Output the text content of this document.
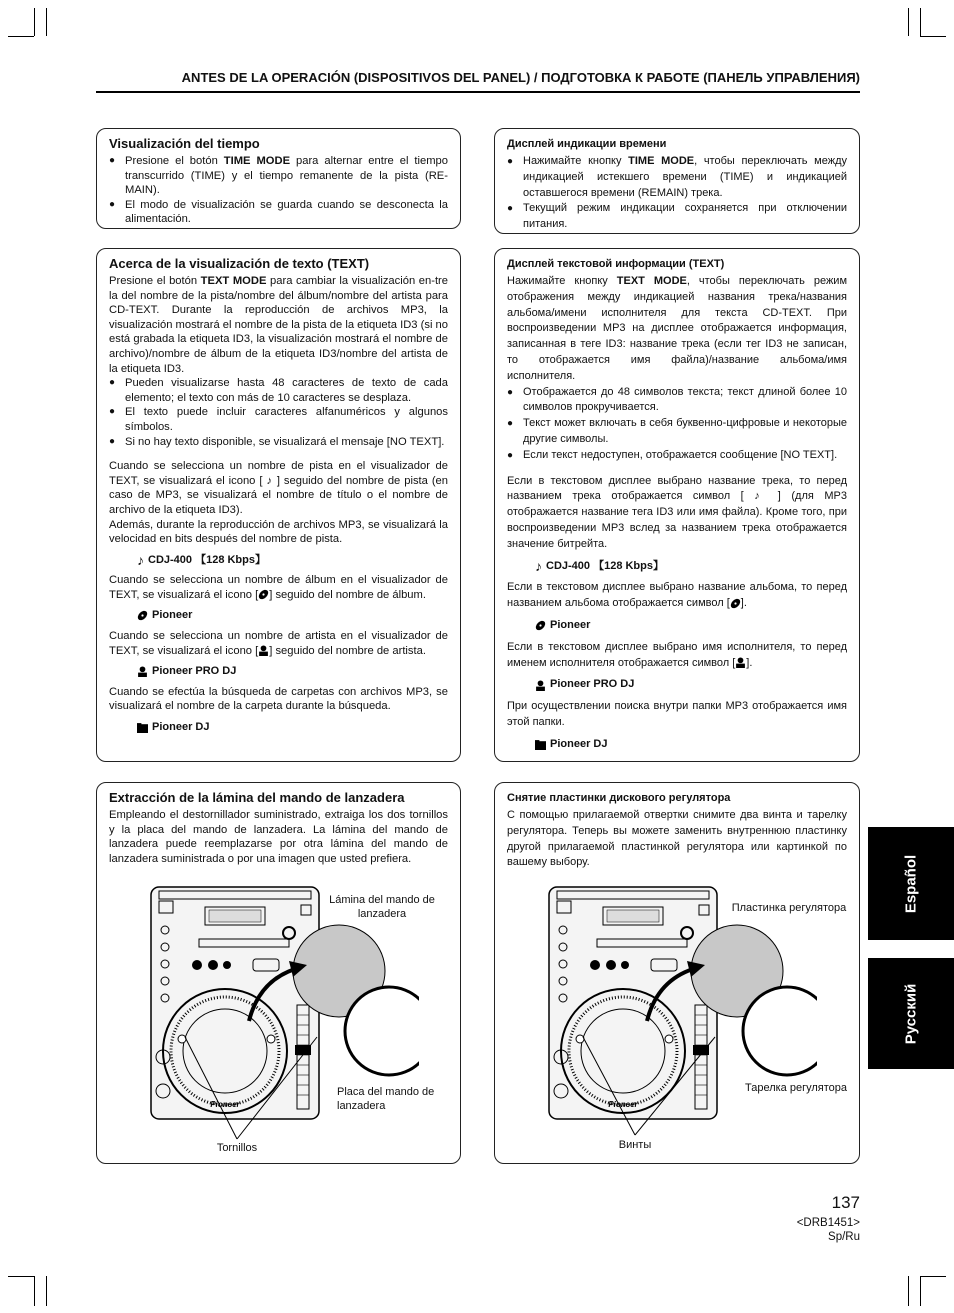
ANTES DE LA OPERACIÓN (DISPOSITIVOS DEL PANEL) / ПОДГОТОВКА К РАБОТЕ (ПАНЕЛЬ УПРАВЛЕНИЯ)
Visualización del tiempo
● Presione el botón TIME MODE para alternar entre el tiempo transcurrido (TIME) y el tiempo remanente de la pista (RE-MAIN).
● El modo de visualización se guarda cuando se desconecta la alimentación.
Дисплей индикации времени
● Нажимайте кнопку TIME MODE, чтобы переключать между индикацией истекшего времени (TIME) и индикацией оставшегося времени (REMAIN) трека.
● Текущий режим индикации сохраняется при отключении питания.
Acerca de la visualización de texto (TEXT)

Presione el botón TEXT MODE para cambiar la visualización en-tre la del nombre de la pista/nombre del álbum/nombre del artista para CD-TEXT. Durante la reproducción de archivos MP3, la visualización mostrará el nombre de la pista de la etiqueta ID3 (si no está grabada la etiqueta ID3, la visualización mostrará el nombre de archivo)/nombre de álbum de la etiqueta ID3/nombre del artista de la etiqueta ID3.

● Pueden visualizarse hasta 48 caracteres de texto de cada elemento; el texto con más de 10 caracteres se desplaza.
● El texto puede incluir caracteres alfanuméricos y algunos símbolos.
● Si no hay texto disponible, se visualizará el mensaje [NO TEXT].

Cuando se selecciona un nombre de pista en el visualizador de TEXT, se visualizará el icono [ ♪ ] seguido del nombre de pista (en caso de MP3, se visualizará el nombre de título o el nombre de archivo de la etiqueta ID3).

Además, durante la reproducción de archivos MP3, se visualizará la velocidad en bits después del nombre de pista.

♪ CDJ-400 【128 Kbps】

Cuando se selecciona un nombre de álbum en el visualizador de TEXT, se visualizará el icono [ ] seguido del nombre de álbum.

Pioneer

Cuando se selecciona un nombre de artista en el visualizador de TEXT, se visualizará el icono [ ] seguido del nombre de artista.

Pioneer PRO DJ

Cuando se efectúa la búsqueda de carpetas con archivos MP3, se visualizará el nombre de la carpeta durante la búsqueda.

Pioneer DJ
Дисплей текстовой информации (TEXT)

Нажимайте кнопку TEXT MODE, чтобы переключать режим отображения между индикацией названия трека/названия альбома/имени исполнителя для текста CD-TEXT. При воспроизведении MP3 на дисплее отображается информация, записанная в теге ID3: название трека (если тег ID3 не записан, то отображается имя файла)/название альбома/имя исполнителя.

● Отображается до 48 символов текста; текст длиной более 10 символов прокручивается.
● Текст может включать в себя буквенно-цифровые и некоторые другие символы.
● Если текст недоступен, отображается сообщение [NO TEXT].

Если в текстовом дисплее выбрано название трека, то перед названием трека отображается символ [ ♪ ] (для MP3 отображается название тега ID3 или имя файла). Кроме того, при воспроизведении MP3 вслед за названием трека отображается значение битрейта.

♪ CDJ-400 【128 Kbps】

Если в текстовом дисплее выбрано название альбома, то перед названием альбома отображается символ [ ].

Pioneer

Если в текстовом дисплее выбрано имя исполнителя, то перед именем исполнителя отображается символ [ ].

Pioneer PRO DJ

При осуществлении поиска внутри папки MP3 отображается имя этой папки.

Pioneer DJ
Extracción de la lámina del mando de lanzadera

Empleando el destornillador suministrado, extraiga los dos tornillos y la placa del mando de lanzadera. La lámina del mando de lanzadera puede reemplazarse por otra lámina del mando de lanzadera suministrada o por una imagen que usted prefiera.

Pioneer
Lámina del mando de lanzadera
Placa del mando de lanzadera
Tornillos
Снятие пластинки дискового регулятора

С помощью прилагаемой отвертки снимите два винта и тарелку регулятора. Теперь вы можете заменить внутреннюю пластинку другой прилагаемой пластинкой регулятора или картинкой по вашему выбору.

Pioneer
Пластинка регулятора
Тарелка регулятора
Винты
Español
Русский
137
<DRB1451>
Sp/Ru
